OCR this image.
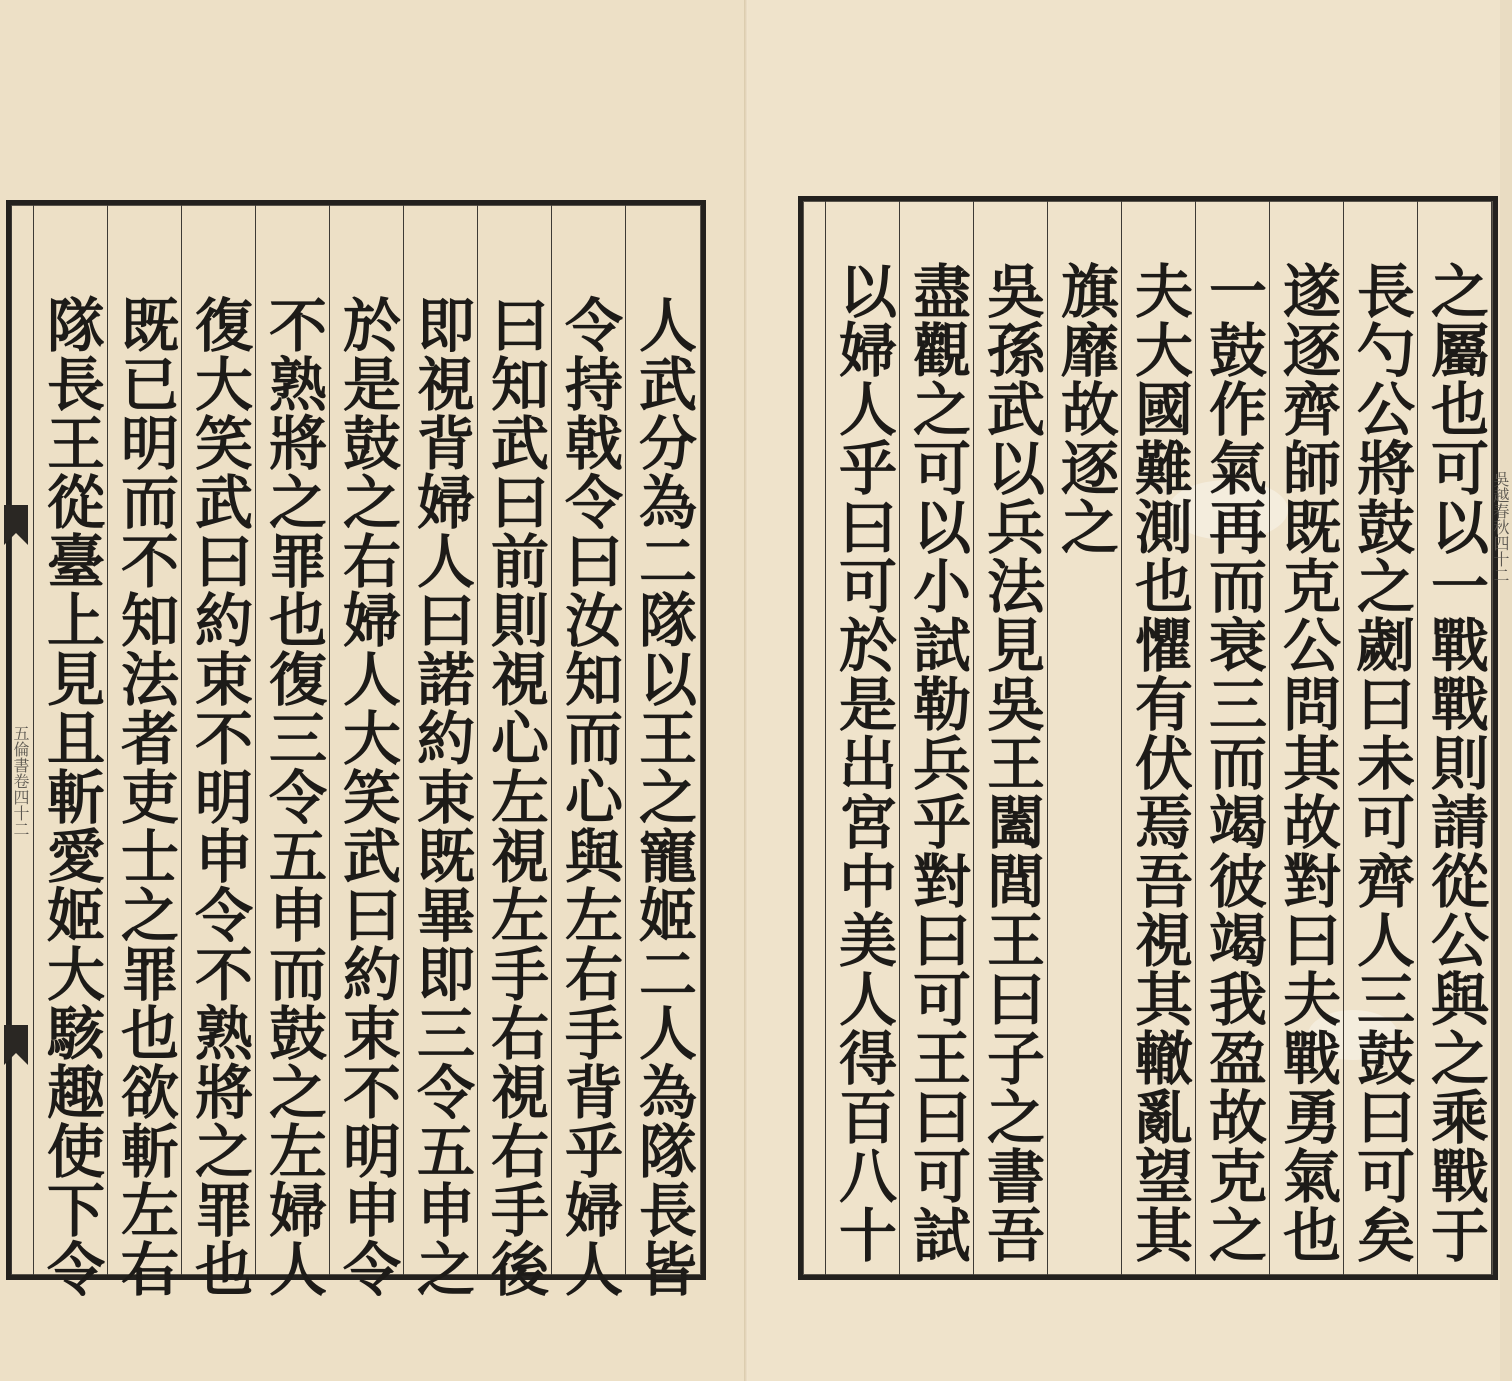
五倫書卷四十二	人武分為二隊以王之寵姬二人為隊長皆
令持戟令曰汝知而心與左右手背乎婦人
曰知武曰前則視心左視左手右視右手後
即視背婦人曰諾約束既畢即三令五申之
於是鼓之右婦人大笑武曰約束不明申令
不熟將之罪也復三令五申而鼓之左婦人
復大笑武曰約束不明申令不熟將之罪也
既已明而不知法者吏士之罪也欲斬左右
隊長王從臺上見且斬愛姬大駭趣使下令	之屬也可以一戰戰則請從公與之乘戰于
長勺公將鼓之劌曰未可齊人三鼓曰可矣
遂逐齊師既克公問其故對曰夫戰勇氣也
一鼓作氣再而衰三而竭彼竭我盈故克之
夫大國難測也懼有伏焉吾視其轍亂望其
旗靡故逐之
吳孫武以兵法見吳王闔閭王曰子之書吾
盡觀之可以小試勒兵乎對曰可王曰可試
以婦人乎曰可於是出宮中美人得百八十	吳越春秋四十二
